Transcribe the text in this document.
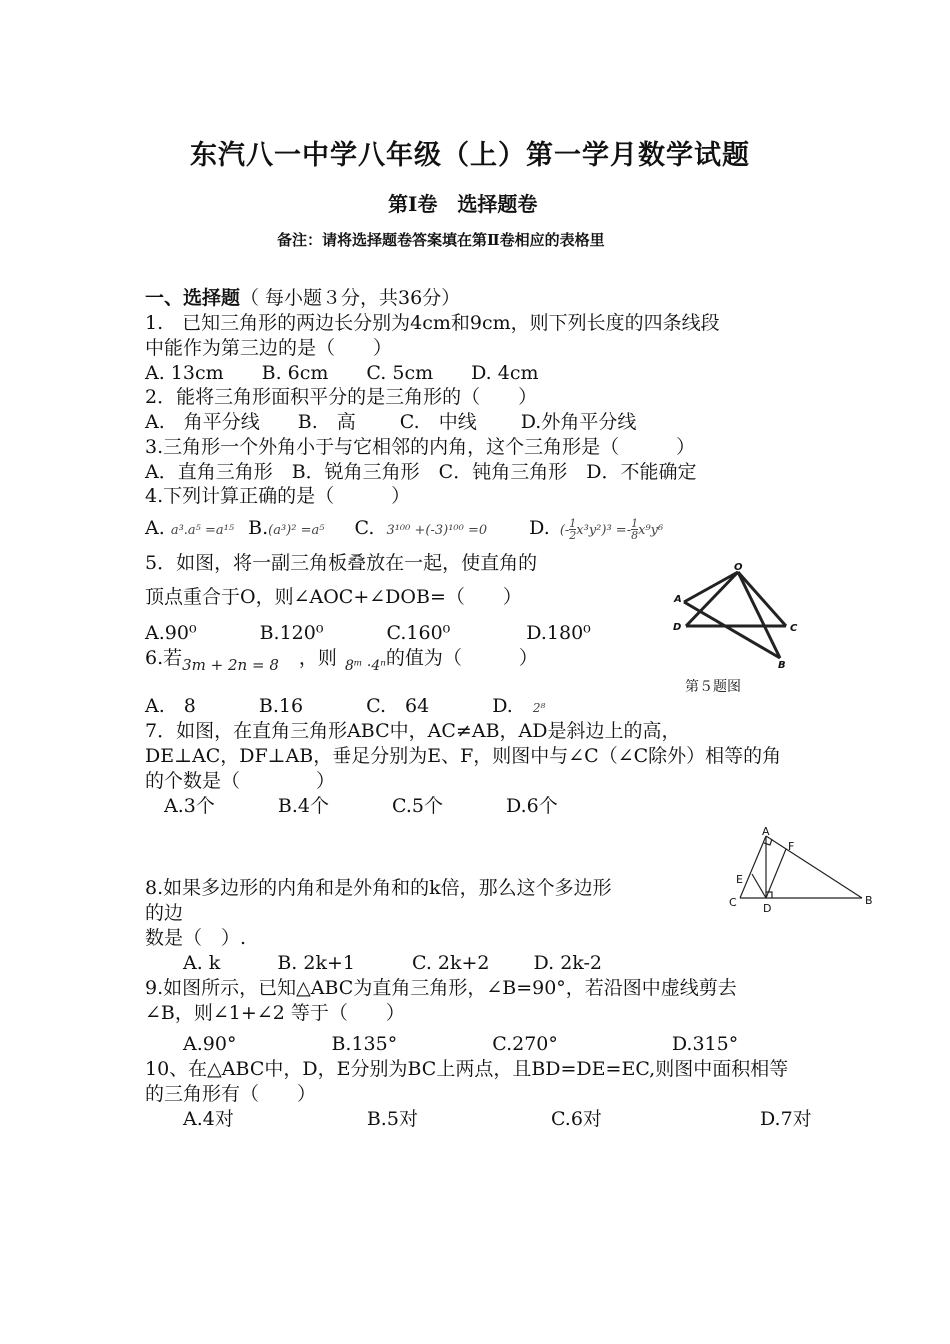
东汽八一中学八年级（上）第一学月数学试题
第Ⅰ卷　选择题卷
备注：请将选择题卷答案填在第Ⅱ卷相应的表格里
一、选择题（ 每小题３分，共36分）
1.　已知三角形的两边长分别为4cm和9cm，则下列长度的四条线段
中能作为第三边的是（　　）
A. 13cm　　B. 6cm　　C. 5cm　　D. 4cm
2．能将三角形面积平分的是三角形的（　　）
A.　角平分线　　B.　高　　 C.　中线　　 D.外角平分线
3.三角形一个外角小于与它相邻的内角，这个三角形是（　　　）
A．直角三角形　B．锐角三角形　C．钝角三角形　D．不能确定
4.下列计算正确的是（　　　）
A. a³.a⁵ =a¹⁵ B.(a³)² =a⁵ C. 3¹⁰⁰ +(-3)¹⁰⁰ =0 D. (- $\frac{1}{2} x^3y^2)^3 =- \frac{1}{8} x^9y^6$
5．如图，将一副三角板叠放在一起，使直角的
顶点重合于O，则∠AOC+∠DOB=（　　）
A.90⁰　　　 B.120⁰　　　 C.160⁰　　　　D.180⁰
O
A
D	C
B
第５题图
6.若$_{3m + 2n = 8}$ ，则 $_{8ᵐ \cdot 4^n}$的值为（　　　）
A.　8　　　 B.16　　　 C.　64　　　 D. 2⁸
7．如图，在直角三角形ABC中，AC≠AB，AD是斜边上的高，
DE⊥AC，DF⊥AB，垂足分别为E、F，则图中与∠C（∠C除外）相等的角
的个数是（　　　　）
　A.3个　　　 B.4个　　　 C.5个　　　 D.6个
A
F
E
C D
B
8.如果多边形的内角和是外角和的k倍，那么这个多边形
的边
数是（　）.
　　A. k　　　B. 2k+1　　　C. 2k+2　　 D. 2k-2
9.如图所示，已知△ABC为直角三角形，∠B=90°，若沿图中虚线剪去
∠B，则∠1+∠2 等于（　　）
　　A.90°　　　　　B.135°　　　　　C.270°　　　　　　D.315°
10、在△ABC中，D，E分别为BC上两点，且BD=DE=EC,则图中面积相等
的三角形有（　　）
　　A.4对　　　　　　　B.5对　　　　　　　C.6对　　　　　　　　 D.7对
